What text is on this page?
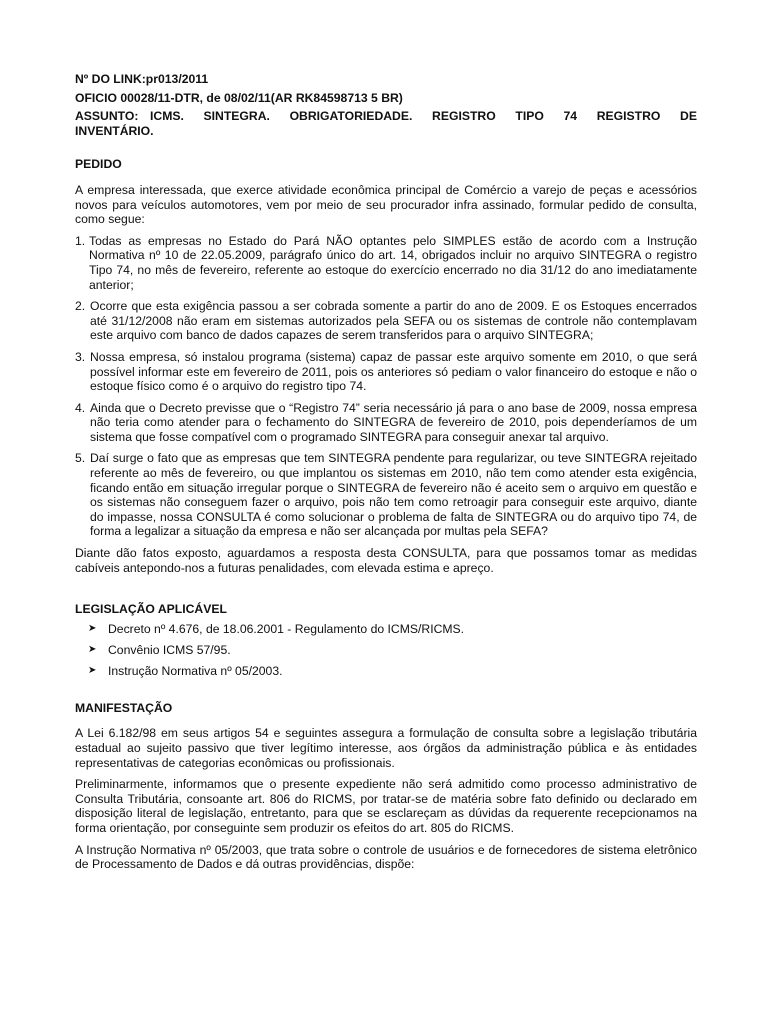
Nº DO LINK:pr013/2011
OFICIO 00028/11-DTR, de 08/02/11(AR RK84598713 5 BR)
ASSUNTO: ICMS. SINTEGRA. OBRIGATORIEDADE. REGISTRO TIPO 74 REGISTRO DE
INVENTÁRIO.
PEDIDO

A empresa interessada, que exerce atividade econômica principal de Comércio a varejo de peças e acessórios novos para veículos automotores, vem por meio de seu procurador infra assinado, formular pedido de consulta, como segue:

1. Todas as empresas no Estado do Pará NÃO optantes pelo SIMPLES estão de acordo com a Instrução Normativa nº 10 de 22.05.2009, parágrafo único do art. 14, obrigados incluir no arquivo SINTEGRA o registro Tipo 74, no mês de fevereiro, referente ao estoque do exercício encerrado no dia 31/12 do ano imediatamente anterior;
2. Ocorre que esta exigência passou a ser cobrada somente a partir do ano de 2009. E os Estoques encerrados até 31/12/2008 não eram em sistemas autorizados pela SEFA ou os sistemas de controle não contemplavam este arquivo com banco de dados capazes de serem transferidos para o arquivo SINTEGRA;
3. Nossa empresa, só instalou programa (sistema) capaz de passar este arquivo somente em 2010, o que será possível informar este em fevereiro de 2011, pois os anteriores só pediam o valor financeiro do estoque e não o estoque físico como é o arquivo do registro tipo 74.
4. Ainda que o Decreto previsse que o “Registro 74” seria necessário já para o ano base de 2009, nossa empresa não teria como atender para o fechamento do SINTEGRA de fevereiro de 2010, pois dependeríamos de um sistema que fosse compatível com o programado SINTEGRA para conseguir anexar tal arquivo.
5. Daí surge o fato que as empresas que tem SINTEGRA pendente para regularizar, ou teve SINTEGRA rejeitado referente ao mês de fevereiro, ou que implantou os sistemas em 2010, não tem como atender esta exigência, ficando então em situação irregular porque o SINTEGRA de fevereiro não é aceito sem o arquivo em questão e os sistemas não conseguem fazer o arquivo, pois não tem como retroagir para conseguir este arquivo, diante do impasse, nossa CONSULTA é como solucionar o problema de falta de SINTEGRA ou do arquivo tipo 74, de forma a legalizar a situação da empresa e não ser alcançada por multas pela SEFA?

Diante dão fatos exposto, aguardamos a resposta desta CONSULTA, para que possamos tomar as medidas cabíveis antepondo-nos a futuras penalidades, com elevada estima e apreço.

LEGISLAÇÃO APLICÁVEL
➤ Decreto nº 4.676, de 18.06.2001 - Regulamento do ICMS/RICMS.
➤ Convênio ICMS 57/95.
➤ Instrução Normativa nº 05/2003.
MANIFESTAÇÃO

A Lei 6.182/98 em seus artigos 54 e seguintes assegura a formulação de consulta sobre a legislação tributária estadual ao sujeito passivo que tiver legítimo interesse, aos órgãos da administração pública e às entidades representativas de categorias econômicas ou profissionais.

Preliminarmente, informamos que o presente expediente não será admitido como processo administrativo de Consulta Tributária, consoante art. 806 do RICMS, por tratar-se de matéria sobre fato definido ou declarado em disposição literal de legislação, entretanto, para que se esclareçam as dúvidas da requerente recepcionamos na forma orientação, por conseguinte sem produzir os efeitos do art. 805 do RICMS.

A Instrução Normativa nº 05/2003, que trata sobre o controle de usuários e de fornecedores de sistema eletrônico de Processamento de Dados e dá outras providências, dispõe:
